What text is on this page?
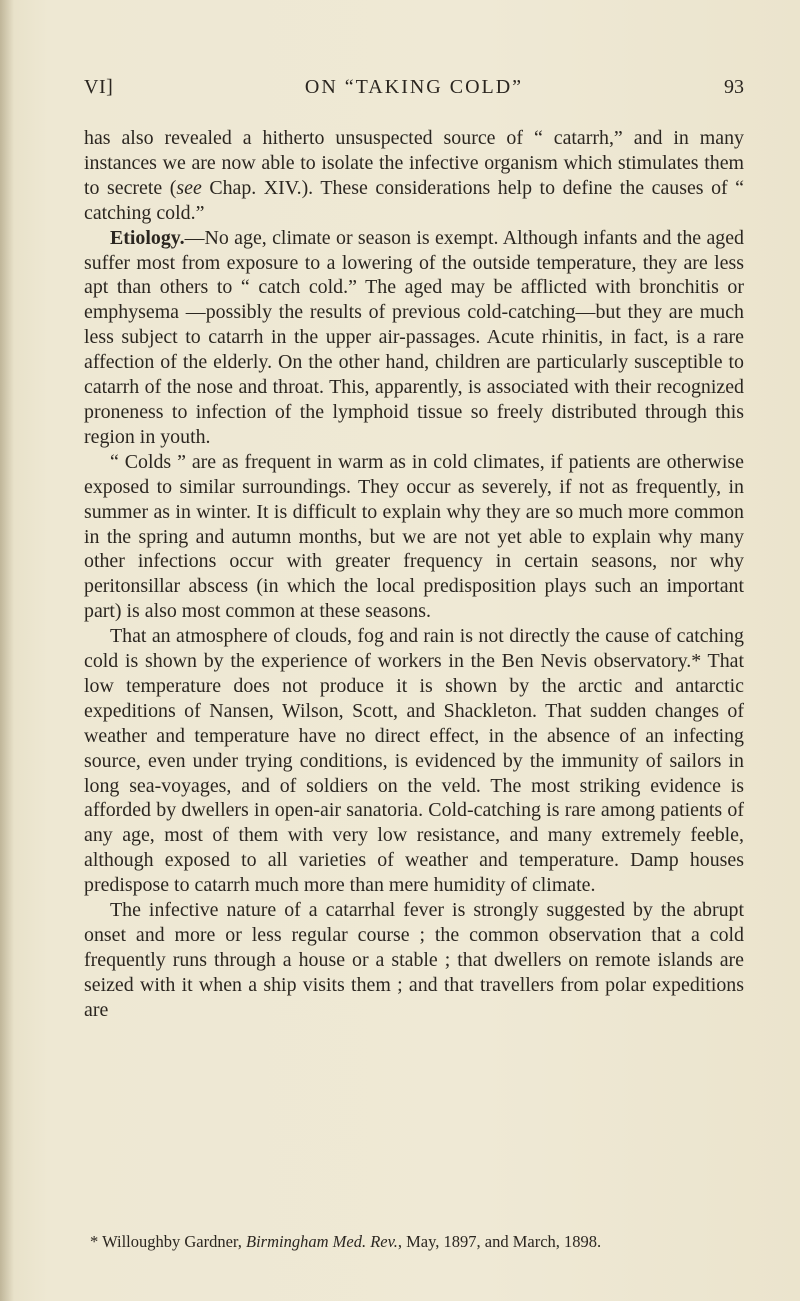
VI]	ON “TAKING COLD”	93

has also revealed a hitherto unsuspected source of “ catarrh,” and in many instances we are now able to isolate the infective organism which stimulates them to secrete (see Chap. XIV.). These considerations help to define the causes of “ catching cold.”

Etiology.—No age, climate or season is exempt. Although infants and the aged suffer most from exposure to a lowering of the outside temperature, they are less apt than others to “ catch cold.” The aged may be afflicted with bronchitis or emphysema —possibly the results of previous cold-catching—but they are much less subject to catarrh in the upper air-passages. Acute rhinitis, in fact, is a rare affection of the elderly. On the other hand, children are particularly susceptible to catarrh of the nose and throat. This, apparently, is associated with their recognized proneness to infection of the lymphoid tissue so freely distributed through this region in youth.

“ Colds ” are as frequent in warm as in cold climates, if patients are otherwise exposed to similar surroundings. They occur as severely, if not as frequently, in summer as in winter. It is difficult to explain why they are so much more common in the spring and autumn months, but we are not yet able to explain why many other infections occur with greater frequency in certain seasons, nor why peritonsillar abscess (in which the local predisposition plays such an important part) is also most common at these seasons.

That an atmosphere of clouds, fog and rain is not directly the cause of catching cold is shown by the experience of workers in the Ben Nevis observatory.* That low temperature does not produce it is shown by the arctic and antarctic expeditions of Nansen, Wilson, Scott, and Shackleton. That sudden changes of weather and temperature have no direct effect, in the absence of an infecting source, even under trying conditions, is evidenced by the immunity of sailors in long sea-voyages, and of soldiers on the veld. The most striking evidence is afforded by dwellers in open-air sanatoria. Cold-catching is rare among patients of any age, most of them with very low resistance, and many extremely feeble, although exposed to all varieties of weather and temperature. Damp houses predispose to catarrh much more than mere humidity of climate.

The infective nature of a catarrhal fever is strongly suggested by the abrupt onset and more or less regular course ; the common observation that a cold frequently runs through a house or a stable ; that dwellers on remote islands are seized with it when a ship visits them ; and that travellers from polar expeditions are

* Willoughby Gardner, Birmingham Med. Rev., May, 1897, and March, 1898.
